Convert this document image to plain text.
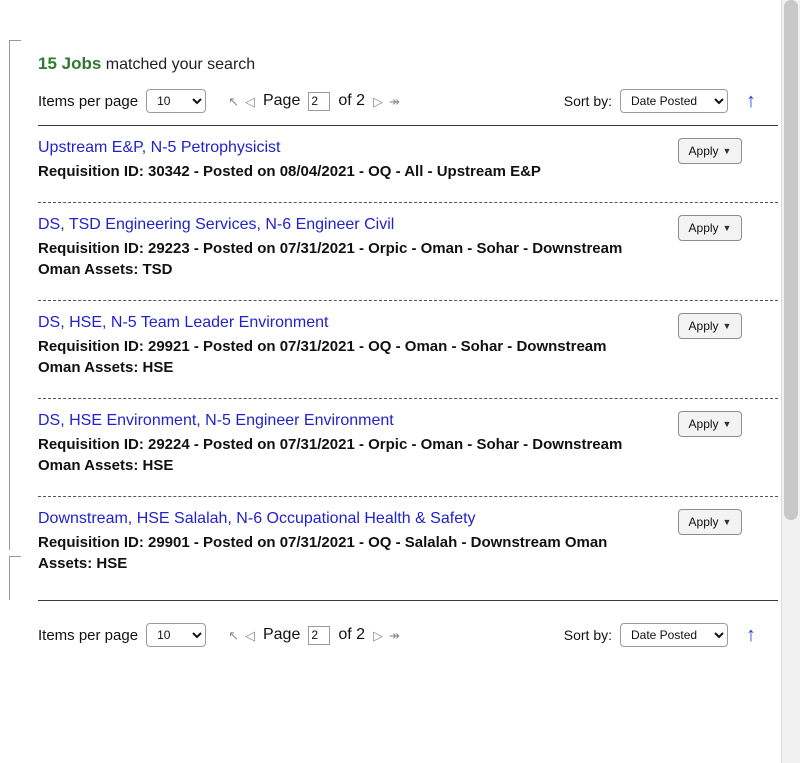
15 Jobs matched your search
Items per page
10	↖ ◁ Page
2 of 2 ▷ ↠	Sort by:
Date Posted	↑
Upstream E&P, N-5 Petrophysicist
Requisition ID: 30342 - Posted on 08/04/2021 - OQ - All - Upstream E&P
Apply ▼
DS, TSD Engineering Services, N-6 Engineer Civil
Requisition ID: 29223 - Posted on 07/31/2021 - Orpic - Oman - Sohar - Downstream Oman Assets: TSD
Apply ▼
DS, HSE, N-5 Team Leader Environment
Requisition ID: 29921 - Posted on 07/31/2021 - OQ - Oman - Sohar - Downstream Oman Assets: HSE
Apply ▼
DS, HSE Environment, N-5 Engineer Environment
Requisition ID: 29224 - Posted on 07/31/2021 - Orpic - Oman - Sohar - Downstream Oman Assets: HSE
Apply ▼
Downstream, HSE Salalah, N-6 Occupational Health & Safety
Requisition ID: 29901 - Posted on 07/31/2021 - OQ - Salalah - Downstream Oman Assets: HSE
Apply ▼
Items per page
10	↖ ◁ Page
2 of 2 ▷ ↠	Sort by:
Date Posted	↑
